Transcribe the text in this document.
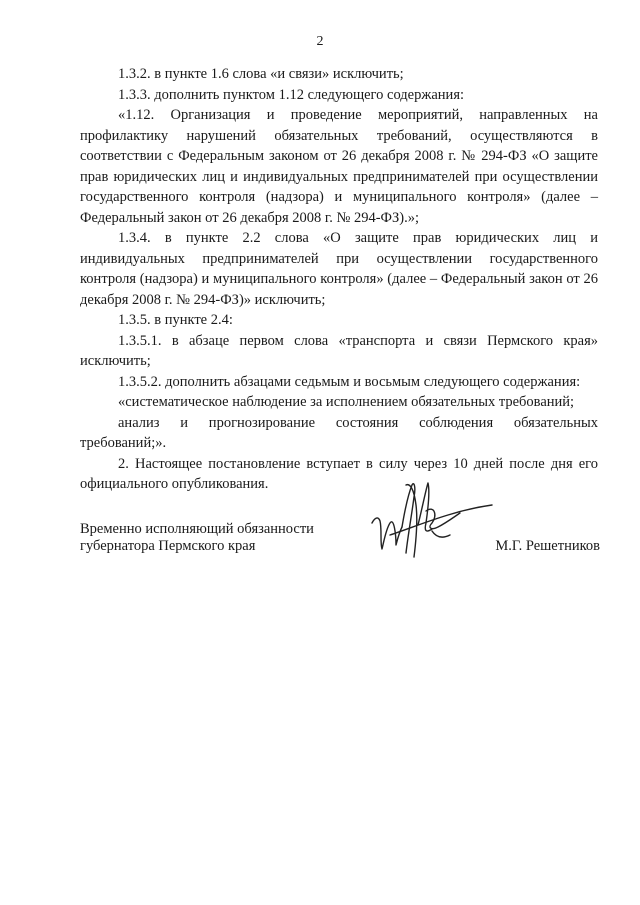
2

1.3.2. в пункте 1.6 слова «и связи» исключить;

1.3.3. дополнить пунктом 1.12 следующего содержания:

«1.12. Организация и проведение мероприятий, направленных на профилактику нарушений обязательных требований, осуществляются в соответствии с Федеральным законом от 26 декабря 2008 г. № 294-ФЗ «О защите прав юридических лиц и индивидуальных предпринимателей при осуществлении государственного контроля (надзора) и муниципального контроля» (далее – Федеральный закон от 26 декабря 2008 г. № 294-ФЗ).»;

1.3.4. в пункте 2.2 слова «О защите прав юридических лиц и индивидуальных предпринимателей при осуществлении государственного контроля (надзора) и муниципального контроля» (далее – Федеральный закон от 26 декабря 2008 г. № 294-ФЗ)» исключить;

1.3.5. в пункте 2.4:

1.3.5.1. в абзаце первом слова «транспорта и связи Пермского края» исключить;

1.3.5.2. дополнить абзацами седьмым и восьмым следующего содержания:

«систематическое наблюдение за исполнением обязательных требований;

анализ и прогнозирование состояния соблюдения обязательных требований;».

2. Настоящее постановление вступает в силу через 10 дней после дня его официального опубликования.

Временно исполняющий обязанности
губернатора Пермского края	М.Г. Решетников
